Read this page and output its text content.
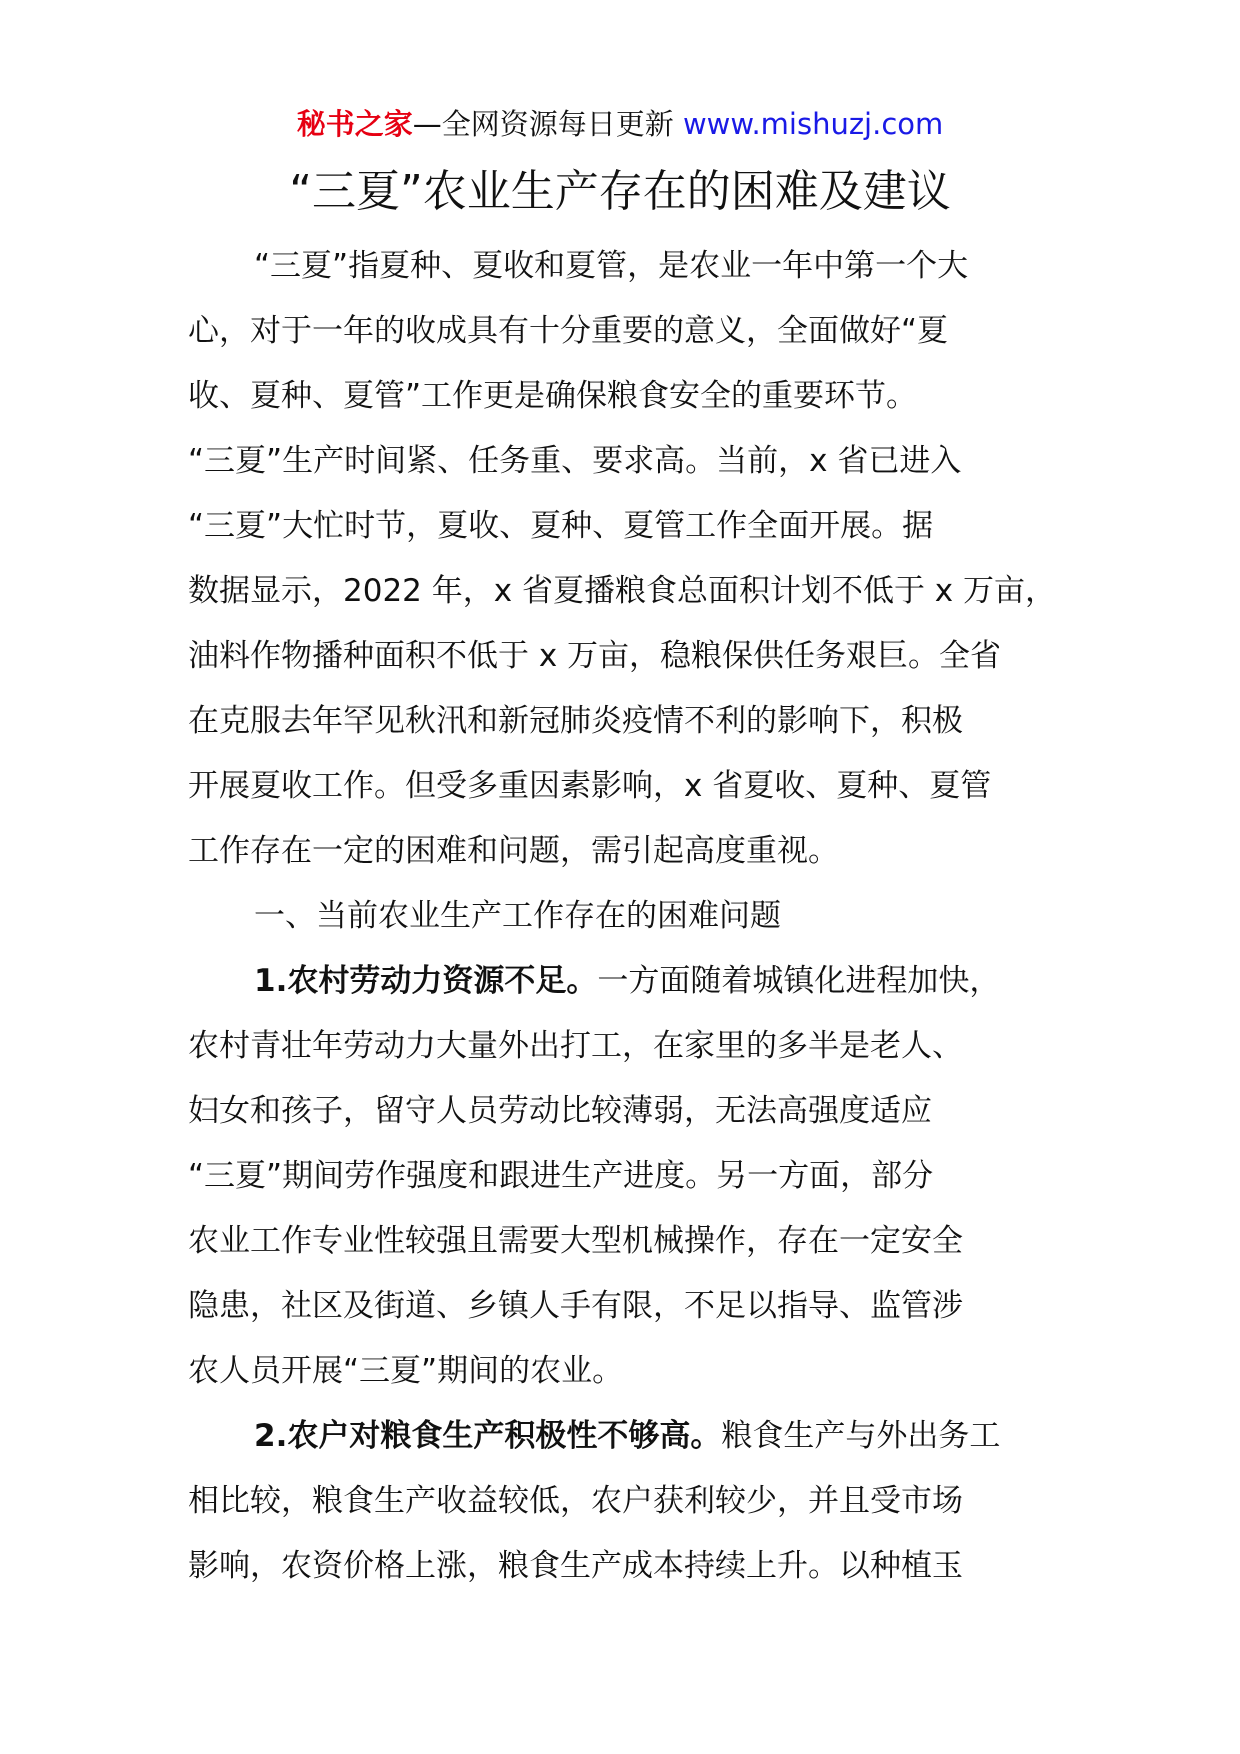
秘书之家—全网资源每日更新 www.mishuzj.com
“三夏”农业生产存在的困难及建议
“三夏”指夏种、夏收和夏管，是农业一年中第一个大
心，对于一年的收成具有十分重要的意义，全面做好“夏
收、夏种、夏管”工作更是确保粮食安全的重要环节。
“三夏”生产时间紧、任务重、要求高。当前，x 省已进入
“三夏”大忙时节，夏收、夏种、夏管工作全面开展。据
数据显示，2022 年，x 省夏播粮食总面积计划不低于 x 万亩，
油料作物播种面积不低于 x 万亩，稳粮保供任务艰巨。全省
在克服去年罕见秋汛和新冠肺炎疫情不利的影响下，积极
开展夏收工作。但受多重因素影响，x 省夏收、夏种、夏管
工作存在一定的困难和问题，需引起高度重视。
一、当前农业生产工作存在的困难问题
1.农村劳动力资源不足。一方面随着城镇化进程加快，
农村青壮年劳动力大量外出打工，在家里的多半是老人、
妇女和孩子，留守人员劳动比较薄弱，无法高强度适应
“三夏”期间劳作强度和跟进生产进度。另一方面，部分
农业工作专业性较强且需要大型机械操作，存在一定安全
隐患，社区及街道、乡镇人手有限，不足以指导、监管涉
农人员开展“三夏”期间的农业。
2.农户对粮食生产积极性不够高。粮食生产与外出务工
相比较，粮食生产收益较低，农户获利较少，并且受市场
影响，农资价格上涨，粮食生产成本持续上升。以种植玉
